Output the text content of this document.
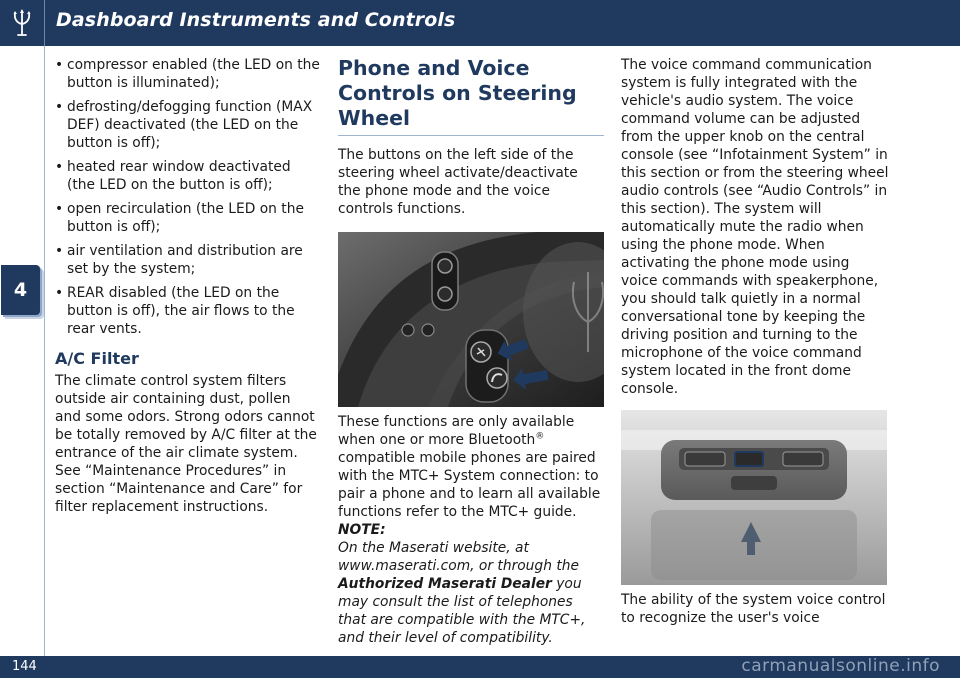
Dashboard Instruments and Controls
4
• compressor enabled (the LED on the button is illuminated);
• defrosting/defogging function (MAX DEF) deactivated (the LED on the button is off);
• heated rear window deactivated (the LED on the button is off);
• open recirculation (the LED on the button is off);
• air ventilation and distribution are set by the system;
• REAR disabled (the LED on the button is off), the air flows to the rear vents.
A/C Filter

The climate control system filters outside air containing dust, pollen and some odors. Strong odors cannot be totally removed by A/C filter at the entrance of the air climate system. See “Maintenance Procedures” in section “Maintenance and Care” for filter replacement instructions.

Phone and Voice Controls on Steering Wheel

The buttons on the left side of the steering wheel activate/deactivate the phone mode and the voice controls functions.

These functions are only available when one or more Bluetooth® compatible mobile phones are paired with the MTC+ System connection: to pair a phone and to learn all available functions refer to the MTC+ guide.

NOTE:

On the Maserati website, at www.maserati.com, or through the Authorized Maserati Dealer you may consult the list of telephones that are compatible with the MTC+, and their level of compatibility.

The voice command communication system is fully integrated with the vehicle's audio system. The voice command volume can be adjusted from the upper knob on the central console (see “Infotainment System” in this section or from the steering wheel audio controls (see “Audio Controls” in this section). The system will automatically mute the radio when using the phone mode. When activating the phone mode using voice commands with speakerphone, you should talk quietly in a normal conversational tone by keeping the driving position and turning to the microphone of the voice command system located in the front dome console.

The ability of the system voice control to recognize the user's voice

144	carmanualsonline.info
